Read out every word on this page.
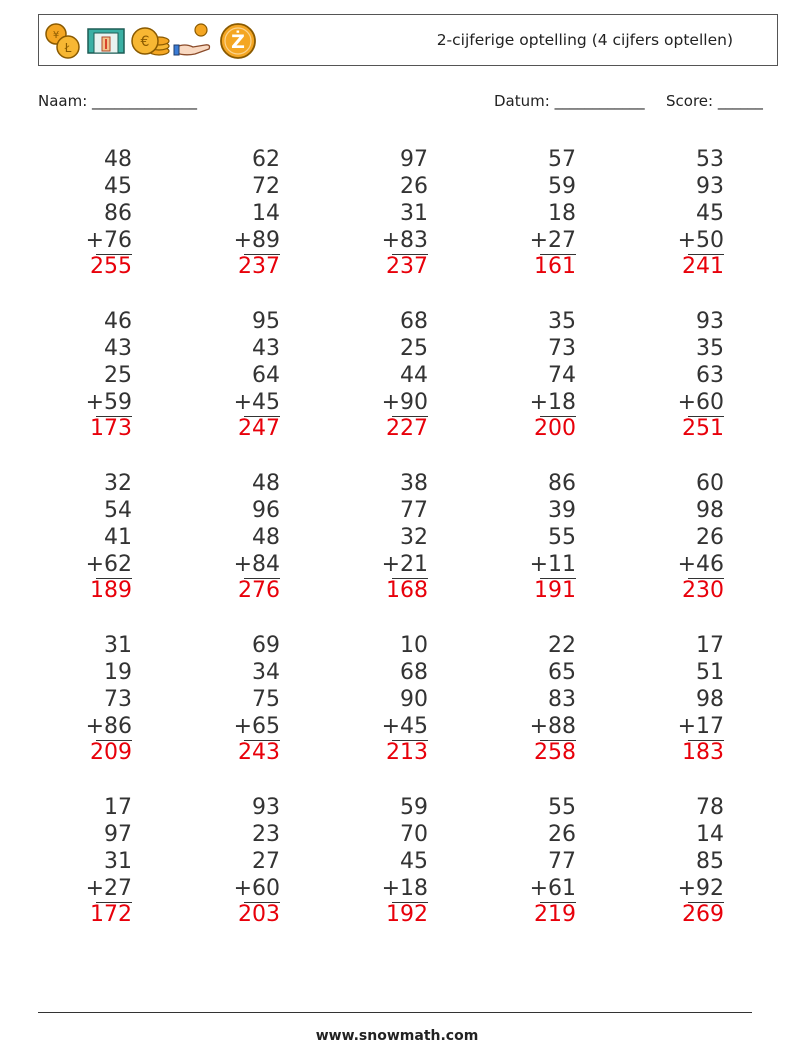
¥
Ł	€	Ż	2-cijferige optelling (4 cijfers optellen)
Naam: ______________	Datum: ____________ Score: ______
48
45
86
+76
255
62
72
14
+89
237
97
26
31
+83
237
57
59
18
+27
161
53
93
45
+50
241
46
43
25
+59
173
95
43
64
+45
247
68
25
44
+90
227
35
73
74
+18
200
93
35
63
+60
251
32
54
41
+62
189
48
96
48
+84
276
38
77
32
+21
168
86
39
55
+11
191
60
98
26
+46
230
31
19
73
+86
209
69
34
75
+65
243
10
68
90
+45
213
22
65
83
+88
258
17
51
98
+17
183
17
97
31
+27
172
93
23
27
+60
203
59
70
45
+18
192
55
26
77
+61
219
78
14
85
+92
269
www.snowmath.com
